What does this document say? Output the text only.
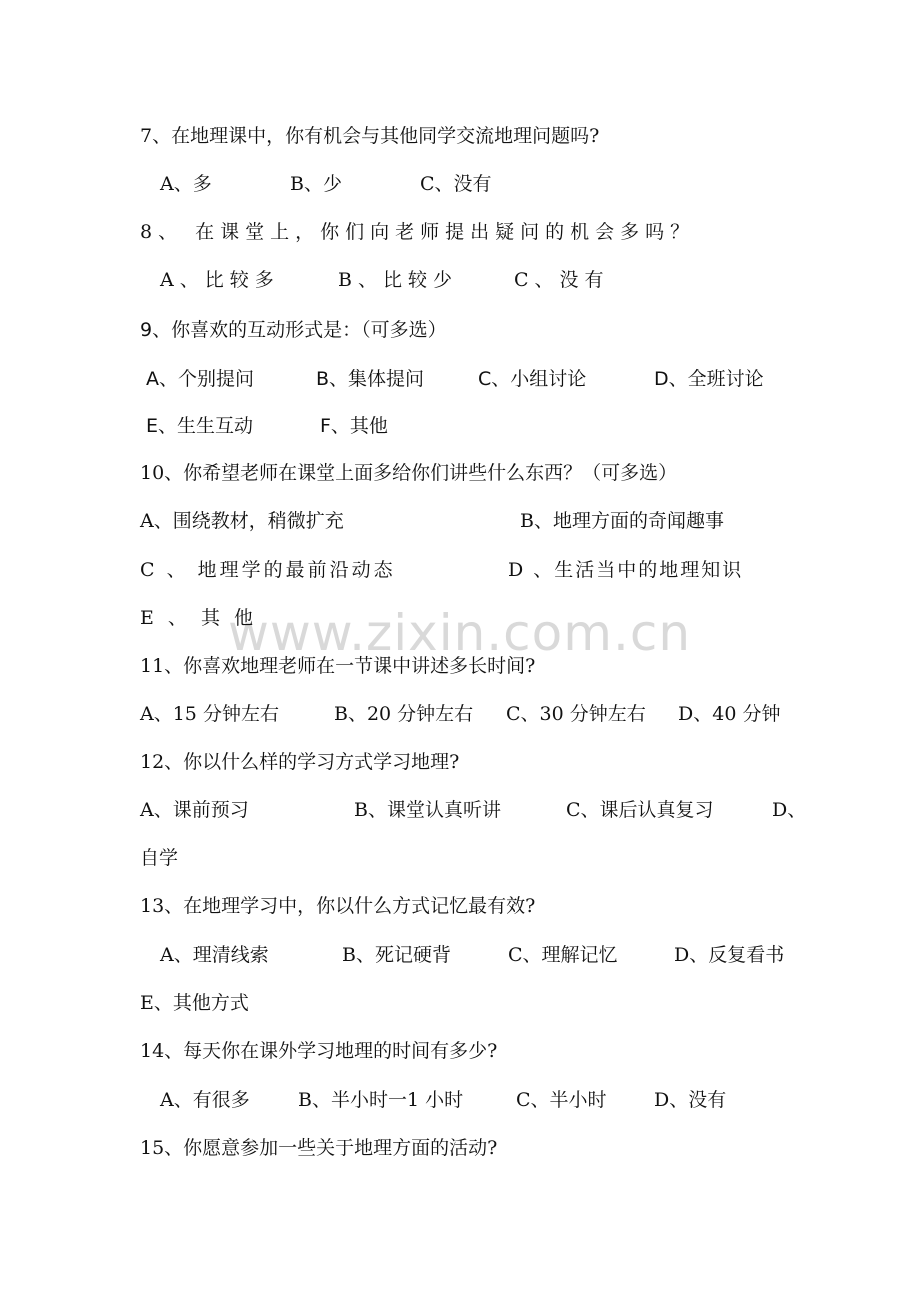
www.zixin.com.cn
7、在地理课中，你有机会与其他同学交流地理问题吗?
A、多	B、少	C、没有
8、 在课堂上，你们向老师提出疑问的机会多吗？
A、比较多	B、比较少	C、没有
9、你喜欢的互动形式是：（可多选）
A、个别提问	B、集体提问	C、小组讨论	D、全班讨论
E、生生互动	F、其他
10、你希望老师在课堂上面多给你们讲些什么东西？（可多选）
A、围绕教材，稍微扩充	B、地理方面的奇闻趣事
C 、 地理学的最前沿动态	D 、生活当中的地理知识
E 、 其 他
11、你喜欢地理老师在一节课中讲述多长时间?
A、15 分钟左右	B、20 分钟左右 C、30 分钟左右 D、40 分钟
12、你以什么样的学习方式学习地理?
A、课前预习	B、课堂认真听讲	C、课后认真复习	D、
自学
13、在地理学习中，你以什么方式记忆最有效?
A、理清线索	B、死记硬背	C、理解记忆	D、反复看书
E、其他方式
14、每天你在课外学习地理的时间有多少?
A、有很多	B、半小时一1 小时	C、半小时 D、没有
15、你愿意参加一些关于地理方面的活动?
